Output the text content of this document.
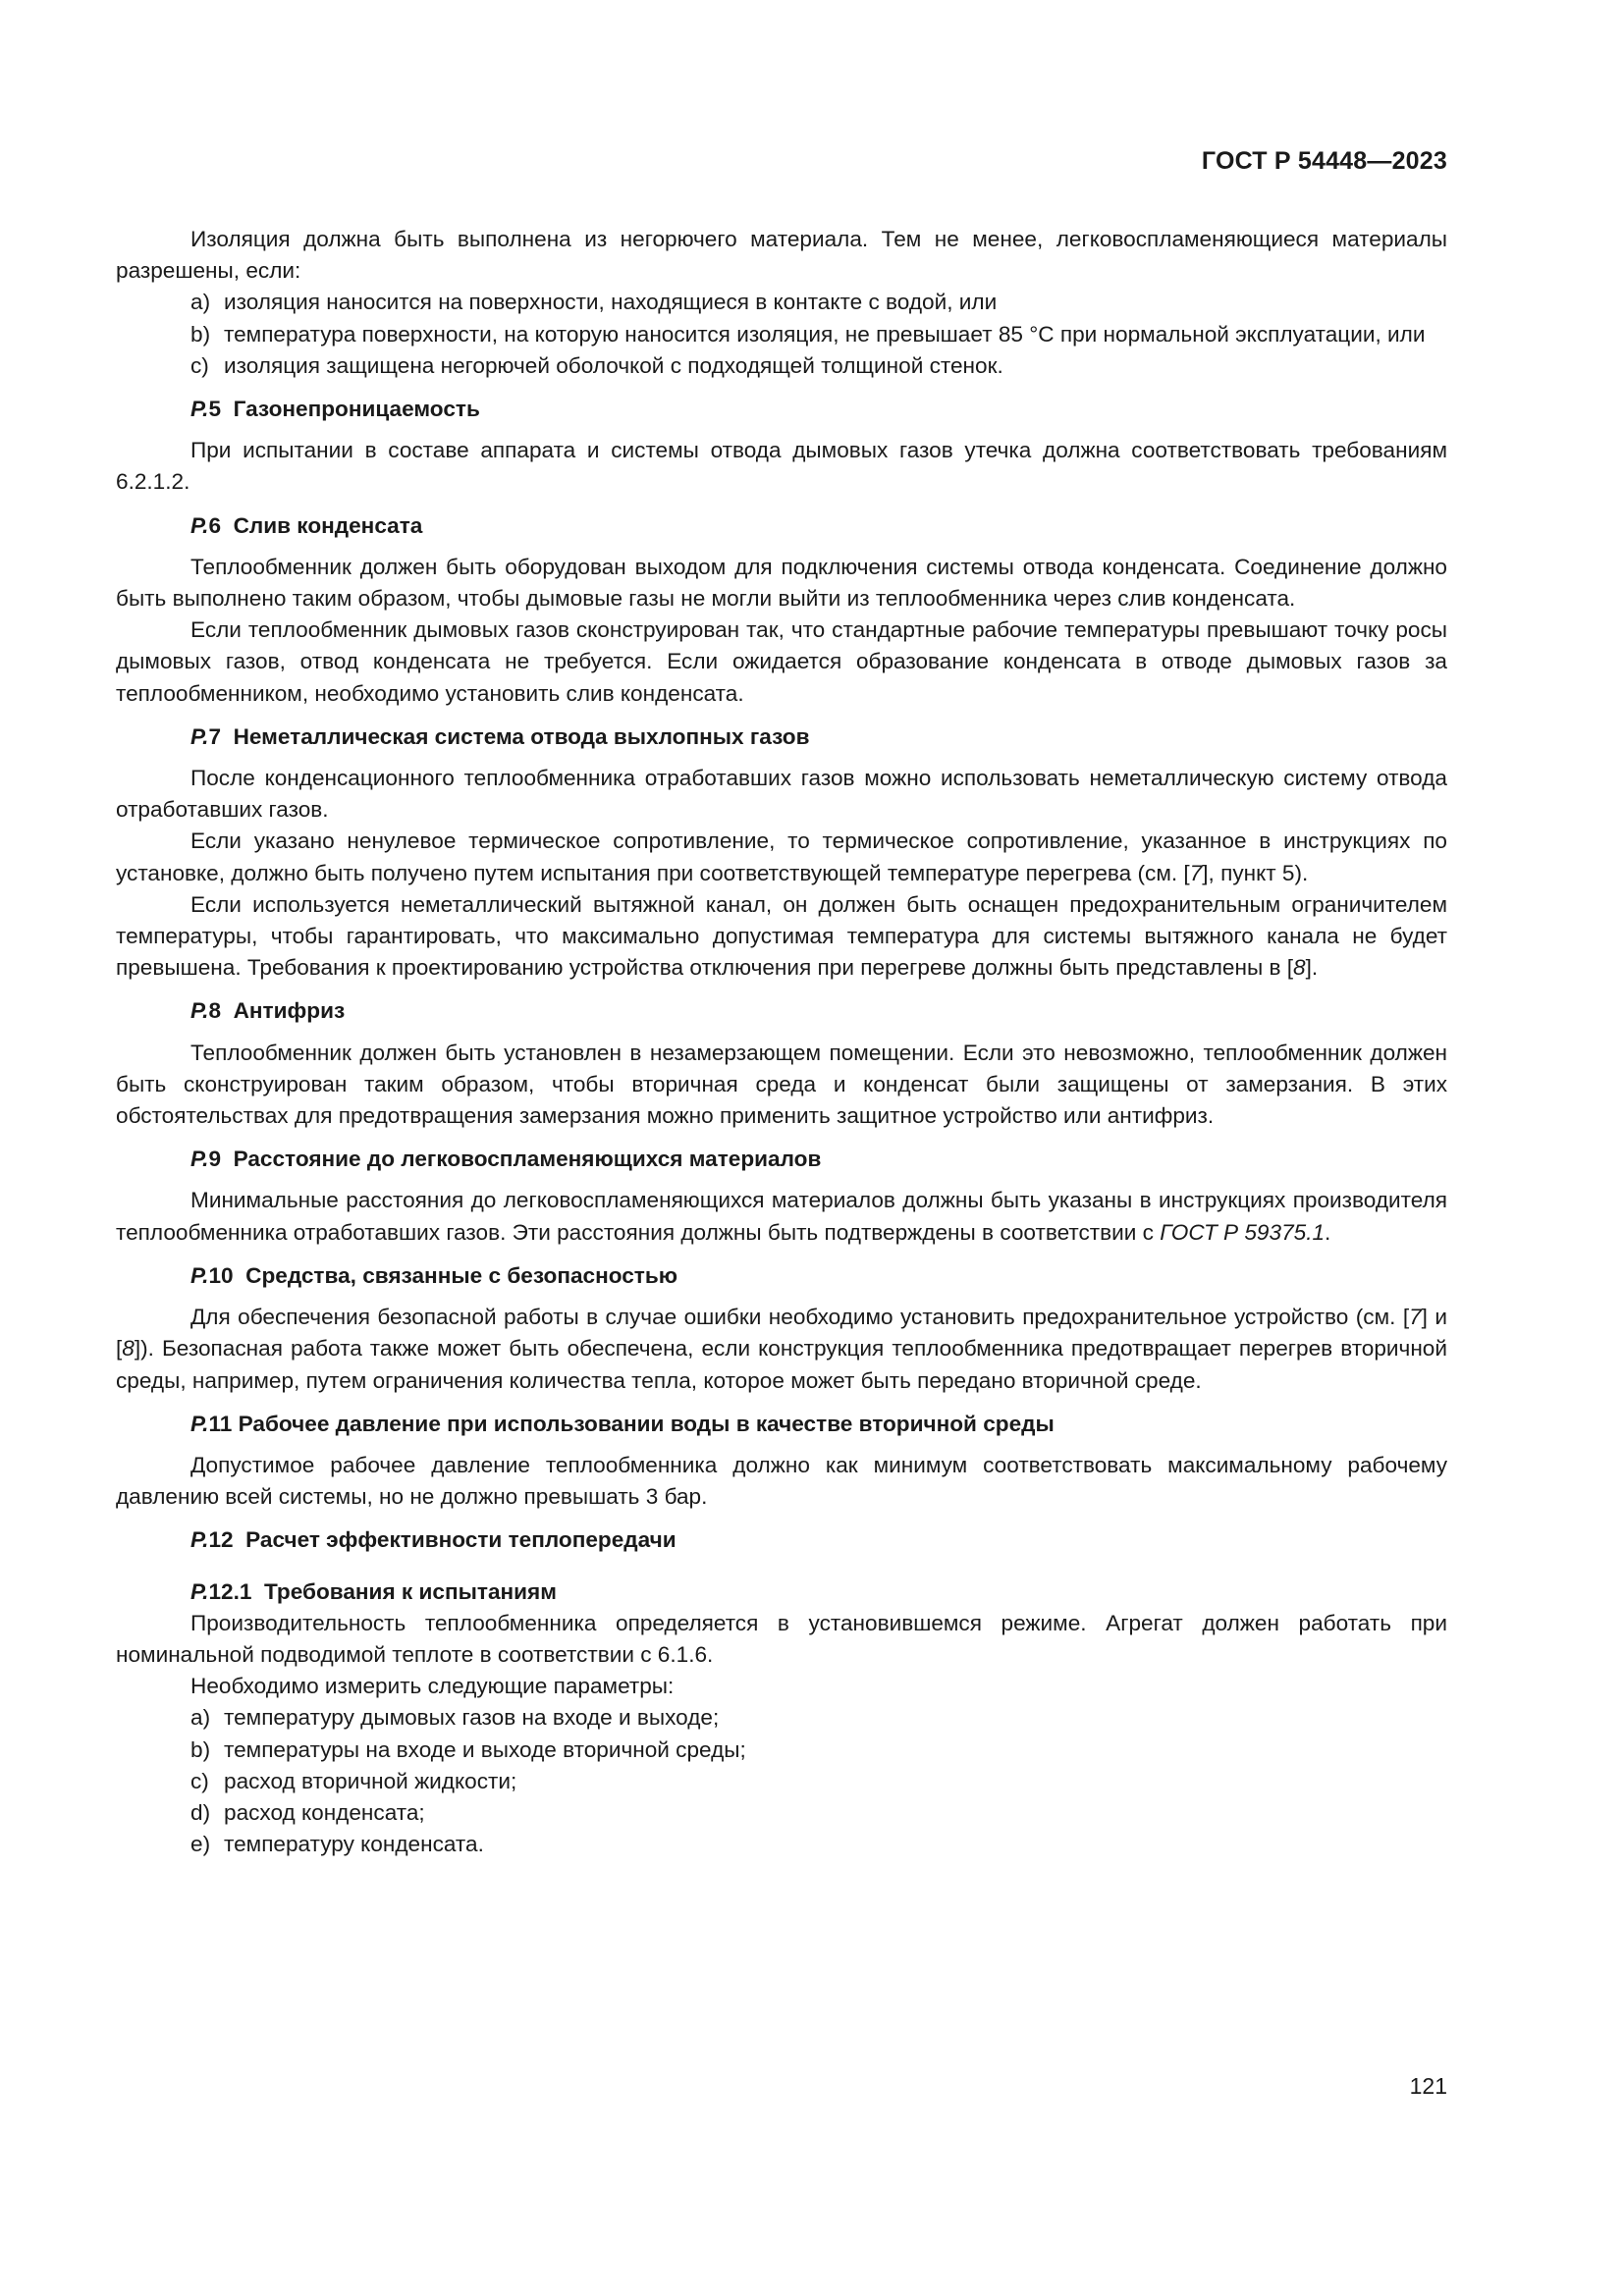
ГОСТ Р 54448—2023

Изоляция должна быть выполнена из негорючего материала. Тем не менее, легковоспламеняющиеся материалы разрешены, если:

a) изоляция наносится на поверхности, находящиеся в контакте с водой, или

b) температура поверхности, на которую наносится изоляция, не превышает 85 °C при нормальной эксплуатации, или

c) изоляция защищена негорючей оболочкой с подходящей толщиной стенок.

P.5 Газонепроницаемость

При испытании в составе аппарата и системы отвода дымовых газов утечка должна соответствовать требованиям 6.2.1.2.

P.6 Слив конденсата

Теплообменник должен быть оборудован выходом для подключения системы отвода конденсата. Соединение должно быть выполнено таким образом, чтобы дымовые газы не могли выйти из теплообменника через слив конденсата.

Если теплообменник дымовых газов сконструирован так, что стандартные рабочие температуры превышают точку росы дымовых газов, отвод конденсата не требуется. Если ожидается образование конденсата в отводе дымовых газов за теплообменником, необходимо установить слив конденсата.

P.7 Неметаллическая система отвода выхлопных газов

После конденсационного теплообменника отработавших газов можно использовать неметаллическую систему отвода отработавших газов.

Если указано ненулевое термическое сопротивление, то термическое сопротивление, указанное в инструкциях по установке, должно быть получено путем испытания при соответствующей температуре перегрева (см. [7], пункт 5).

Если используется неметаллический вытяжной канал, он должен быть оснащен предохранительным ограничителем температуры, чтобы гарантировать, что максимально допустимая температура для системы вытяжного канала не будет превышена. Требования к проектированию устройства отключения при перегреве должны быть представлены в [8].

P.8 Антифриз

Теплообменник должен быть установлен в незамерзающем помещении. Если это невозможно, теплообменник должен быть сконструирован таким образом, чтобы вторичная среда и конденсат были защищены от замерзания. В этих обстоятельствах для предотвращения замерзания можно применить защитное устройство или антифриз.

P.9 Расстояние до легковоспламеняющихся материалов

Минимальные расстояния до легковоспламеняющихся материалов должны быть указаны в инструкциях производителя теплообменника отработавших газов. Эти расстояния должны быть подтверждены в соответствии с ГОСТ Р 59375.1.

P.10 Средства, связанные с безопасностью

Для обеспечения безопасной работы в случае ошибки необходимо установить предохранительное устройство (см. [7] и [8]). Безопасная работа также может быть обеспечена, если конструкция теплообменника предотвращает перегрев вторичной среды, например, путем ограничения количества тепла, которое может быть передано вторичной среде.

P.11 Рабочее давление при использовании воды в качестве вторичной среды

Допустимое рабочее давление теплообменника должно как минимум соответствовать максимальному рабочему давлению всей системы, но не должно превышать 3 бар.

P.12 Расчет эффективности теплопередачи

P.12.1 Требования к испытаниям

Производительность теплообменника определяется в установившемся режиме. Агрегат должен работать при номинальной подводимой теплоте в соответствии с 6.1.6.

Необходимо измерить следующие параметры:

a) температуру дымовых газов на входе и выходе;

b) температуры на входе и выходе вторичной среды;

c) расход вторичной жидкости;

d) расход конденсата;

e) температуру конденсата.

121
